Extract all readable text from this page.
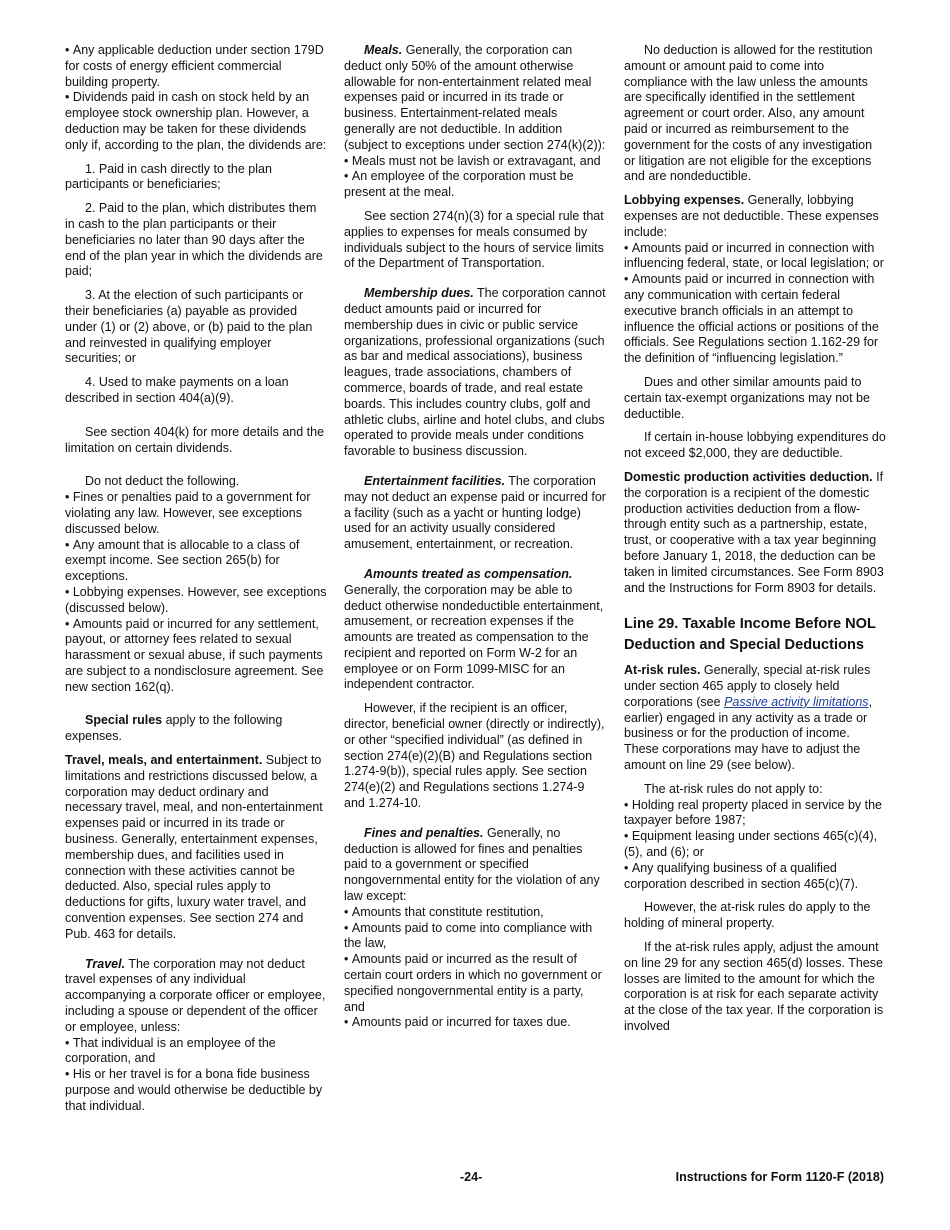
• Any applicable deduction under section 179D for costs of energy efficient commercial building property.

• Dividends paid in cash on stock held by an employee stock ownership plan. However, a deduction may be taken for these dividends only if, according to the plan, the dividends are:

1. Paid in cash directly to the plan participants or beneficiaries;

2. Paid to the plan, which distributes them in cash to the plan participants or their beneficiaries no later than 90 days after the end of the plan year in which the dividends are paid;

3. At the election of such participants or their beneficiaries (a) payable as provided under (1) or (2) above, or (b) paid to the plan and reinvested in qualifying employer securities; or

4. Used to make payments on a loan described in section 404(a)(9).

See section 404(k) for more details and the limitation on certain dividends.

Do not deduct the following.

• Fines or penalties paid to a government for violating any law. However, see exceptions discussed below.

• Any amount that is allocable to a class of exempt income. See section 265(b) for exceptions.

• Lobbying expenses. However, see exceptions (discussed below).

• Amounts paid or incurred for any settlement, payout, or attorney fees related to sexual harassment or sexual abuse, if such payments are subject to a nondisclosure agreement. See new section 162(q).

Special rules apply to the following expenses.

Travel, meals, and entertainment. Subject to limitations and restrictions discussed below, a corporation may deduct ordinary and necessary travel, meal, and non-entertainment expenses paid or incurred in its trade or business. Generally, entertainment expenses, membership dues, and facilities used in connection with these activities cannot be deducted. Also, special rules apply to deductions for gifts, luxury water travel, and convention expenses. See section 274 and Pub. 463 for details.

Travel. The corporation may not deduct travel expenses of any individual accompanying a corporate officer or employee, including a spouse or dependent of the officer or employee, unless:

• That individual is an employee of the corporation, and

• His or her travel is for a bona fide business purpose and would otherwise be deductible by that individual.

Meals. Generally, the corporation can deduct only 50% of the amount otherwise allowable for non-entertainment related meal expenses paid or incurred in its trade or business. Entertainment-related meals generally are not deductible. In addition (subject to exceptions under section 274(k)(2)):

• Meals must not be lavish or extravagant, and

• An employee of the corporation must be present at the meal.

See section 274(n)(3) for a special rule that applies to expenses for meals consumed by individuals subject to the hours of service limits of the Department of Transportation.

Membership dues. The corporation cannot deduct amounts paid or incurred for membership dues in civic or public service organizations, professional organizations (such as bar and medical associations), business leagues, trade associations, chambers of commerce, boards of trade, and real estate boards. This includes country clubs, golf and athletic clubs, airline and hotel clubs, and clubs operated to provide meals under conditions favorable to business discussion.

Entertainment facilities. The corporation may not deduct an expense paid or incurred for a facility (such as a yacht or hunting lodge) used for an activity usually considered amusement, entertainment, or recreation.

Amounts treated as compensation. Generally, the corporation may be able to deduct otherwise nondeductible entertainment, amusement, or recreation expenses if the amounts are treated as compensation to the recipient and reported on Form W-2 for an employee or on Form 1099-MISC for an independent contractor.

However, if the recipient is an officer, director, beneficial owner (directly or indirectly), or other “specified individual” (as defined in section 274(e)(2)(B) and Regulations section 1.274-9(b)), special rules apply. See section 274(e)(2) and Regulations sections 1.274-9 and 1.274-10.

Fines and penalties. Generally, no deduction is allowed for fines and penalties paid to a government or specified nongovernmental entity for the violation of any law except:

• Amounts that constitute restitution,

• Amounts paid to come into compliance with the law,

• Amounts paid or incurred as the result of certain court orders in which no government or specified nongovernmental entity is a party, and

• Amounts paid or incurred for taxes due.

No deduction is allowed for the restitution amount or amount paid to come into compliance with the law unless the amounts are specifically identified in the settlement agreement or court order. Also, any amount paid or incurred as reimbursement to the government for the costs of any investigation or litigation are not eligible for the exceptions and are nondeductible.

Lobbying expenses. Generally, lobbying expenses are not deductible. These expenses include:

• Amounts paid or incurred in connection with influencing federal, state, or local legislation; or

• Amounts paid or incurred in connection with any communication with certain federal executive branch officials in an attempt to influence the official actions or positions of the officials. See Regulations section 1.162-29 for the definition of “influencing legislation.”

Dues and other similar amounts paid to certain tax-exempt organizations may not be deductible.

If certain in-house lobbying expenditures do not exceed $2,000, they are deductible.

Domestic production activities deduction. If the corporation is a recipient of the domestic production activities deduction from a flow-through entity such as a partnership, estate, trust, or cooperative with a tax year beginning before January 1, 2018, the deduction can be taken in limited circumstances. See Form 8903 and the Instructions for Form 8903 for details.

Line 29. Taxable Income Before NOL Deduction and Special Deductions

At-risk rules. Generally, special at-risk rules under section 465 apply to closely held corporations (see Passive activity limitations, earlier) engaged in any activity as a trade or business or for the production of income. These corporations may have to adjust the amount on line 29 (see below).

The at-risk rules do not apply to:

• Holding real property placed in service by the taxpayer before 1987;

• Equipment leasing under sections 465(c)(4), (5), and (6); or

• Any qualifying business of a qualified corporation described in section 465(c)(7).

However, the at-risk rules do apply to the holding of mineral property.

If the at-risk rules apply, adjust the amount on line 29 for any section 465(d) losses. These losses are limited to the amount for which the corporation is at risk for each separate activity at the close of the tax year. If the corporation is involved

-24-	Instructions for Form 1120-F (2018)
